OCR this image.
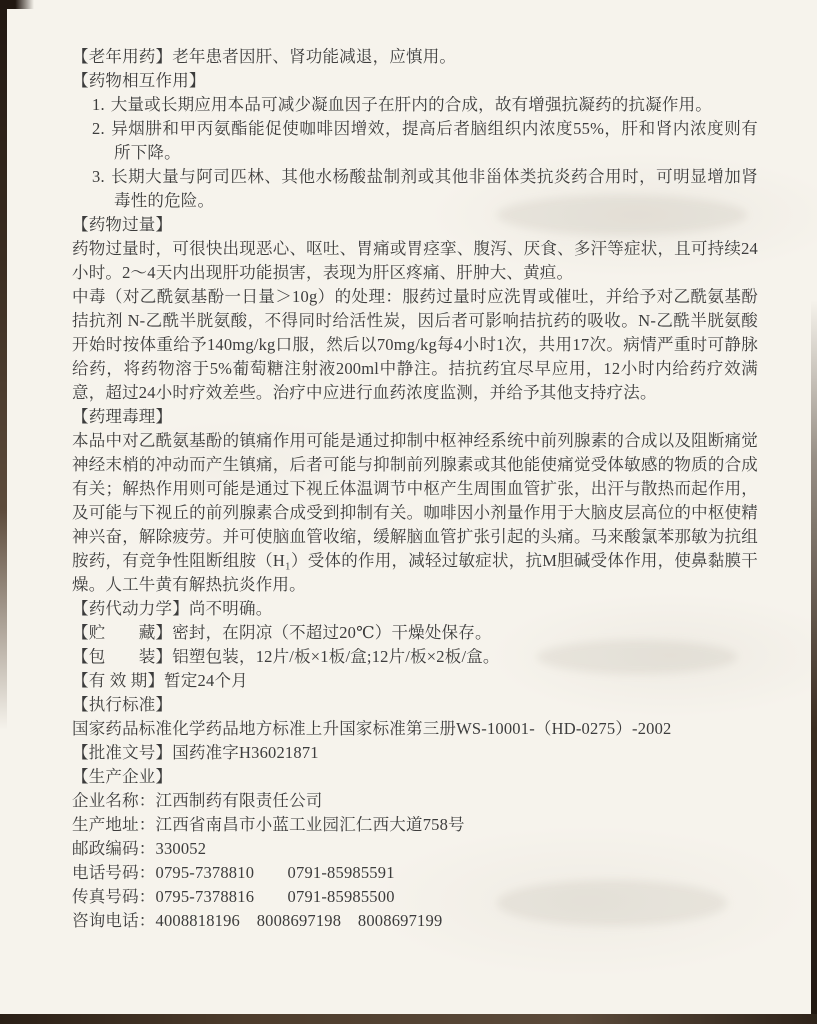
【老年用药】老年患者因肝、肾功能减退，应慎用。

【药物相互作用】

1. 大量或长期应用本品可减少凝血因子在肝内的合成，故有增强抗凝药的抗凝作用。

2. 异烟肼和甲丙氨酯能促使咖啡因增效，提高后者脑组织内浓度55%，肝和肾内浓度则有所下降。

3. 长期大量与阿司匹林、其他水杨酸盐制剂或其他非甾体类抗炎药合用时，可明显增加肾毒性的危险。

【药物过量】

药物过量时，可很快出现恶心、呕吐、胃痛或胃痉挛、腹泻、厌食、多汗等症状，且可持续24小时。2～4天内出现肝功能损害，表现为肝区疼痛、肝肿大、黄疸。

中毒（对乙酰氨基酚一日量＞10g）的处理：服药过量时应洗胃或催吐，并给予对乙酰氨基酚拮抗剂 N-乙酰半胱氨酸，不得同时给活性炭，因后者可影响拮抗药的吸收。N-乙酰半胱氨酸开始时按体重给予140mg/kg口服，然后以70mg/kg每4小时1次，共用17次。病情严重时可静脉给药，将药物溶于5%葡萄糖注射液200ml中静注。拮抗药宜尽早应用，12小时内给药疗效满意，超过24小时疗效差些。治疗中应进行血药浓度监测，并给予其他支持疗法。

【药理毒理】

本品中对乙酰氨基酚的镇痛作用可能是通过抑制中枢神经系统中前列腺素的合成以及阻断痛觉神经末梢的冲动而产生镇痛，后者可能与抑制前列腺素或其他能使痛觉受体敏感的物质的合成有关；解热作用则可能是通过下视丘体温调节中枢产生周围血管扩张，出汗与散热而起作用，及可能与下视丘的前列腺素合成受到抑制有关。咖啡因小剂量作用于大脑皮层高位的中枢使精神兴奋，解除疲劳。并可使脑血管收缩，缓解脑血管扩张引起的头痛。马来酸氯苯那敏为抗组胺药，有竞争性阻断组胺（H₁）受体的作用，减轻过敏症状，抗M胆碱受体作用，使鼻黏膜干燥。人工牛黄有解热抗炎作用。

【药代动力学】尚不明确。

【贮　　藏】密封，在阴凉（不超过20℃）干燥处保存。

【包　　装】铝塑包装，12片/板×1板/盒;12片/板×2板/盒。

【有 效 期】暂定24个月

【执行标准】

国家药品标准化学药品地方标准上升国家标准第三册WS-10001-（HD-0275）-2002

【批准文号】国药准字H36021871

【生产企业】

企业名称：江西制药有限责任公司

生产地址：江西省南昌市小蓝工业园汇仁西大道758号

邮政编码：330052

电话号码：0795-7378810　　0791-85985591

传真号码：0795-7378816　　0791-85985500

咨询电话：4008818196　8008697198　8008697199
